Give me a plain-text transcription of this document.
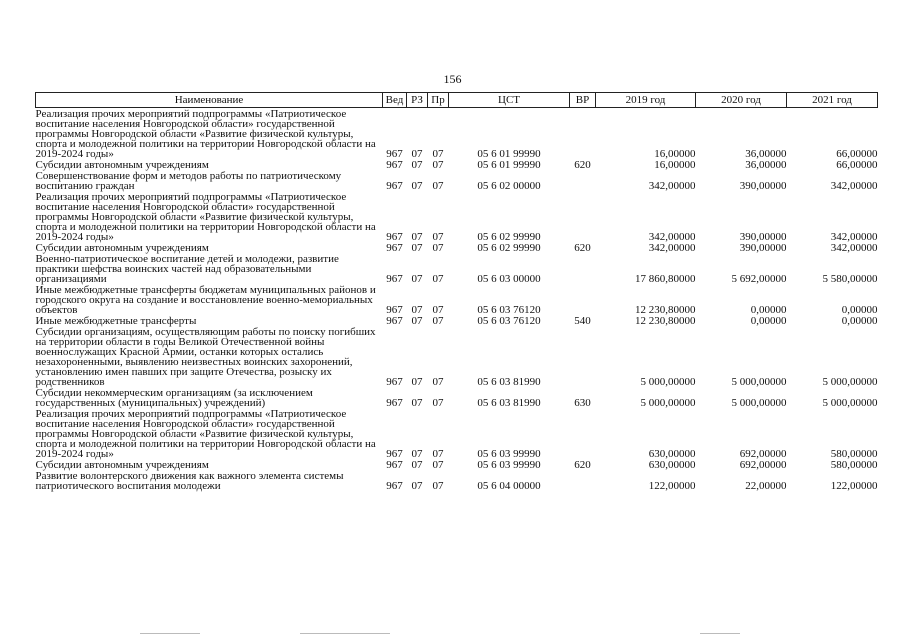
156
Наименование	Вед	РЗ	Пр	ЦСТ	ВР	2019 год	2020 год	2021 год
Реализация прочих мероприятий подпрограммы «Патриотическое воспитание населения Новгородской области» государственной программы Новгородской области «Развитие физической культуры, спорта и молодежной политики на территории Новгородской области на 2019-2024 годы»	967	07	07	05 6 01 99990		16,00000	36,00000	66,00000
Субсидии автономным учреждениям	967	07	07	05 6 01 99990	620	16,00000	36,00000	66,00000
Совершенствование форм и методов работы по патриотическому воспитанию граждан	967	07	07	05 6 02 00000		342,00000	390,00000	342,00000
Реализация прочих мероприятий подпрограммы «Патриотическое воспитание населения Новгородской области» государственной программы Новгородской области «Развитие физической культуры, спорта и молодежной политики на территории Новгородской области на 2019-2024 годы»	967	07	07	05 6 02 99990		342,00000	390,00000	342,00000
Субсидии автономным учреждениям	967	07	07	05 6 02 99990	620	342,00000	390,00000	342,00000
Военно-патриотическое воспитание детей и молодежи, развитие практики шефства воинских частей над образовательными организациями	967	07	07	05 6 03 00000		17 860,80000	5 692,00000	5 580,00000
Иные межбюджетные трансферты бюджетам муниципальных районов и городского округа на создание и восстановление военно-мемориальных объектов	967	07	07	05 6 03 76120		12 230,80000	0,00000	0,00000
Иные межбюджетные трансферты	967	07	07	05 6 03 76120	540	12 230,80000	0,00000	0,00000
Субсидии организациям, осуществляющим работы по поиску погибших на территории области в годы Великой Отечественной войны военнослужащих Красной Армии, останки которых остались незахороненными, выявлению неизвестных воинских захоронений, установлению имен павших при защите Отечества, розыску их родственников	967	07	07	05 6 03 81990		5 000,00000	5 000,00000	5 000,00000
Субсидии некоммерческим организациям (за исключением государственных (муниципальных) учреждений)	967	07	07	05 6 03 81990	630	5 000,00000	5 000,00000	5 000,00000
Реализация прочих мероприятий подпрограммы «Патриотическое воспитание населения Новгородской области» государственной программы Новгородской области «Развитие физической культуры, спорта и молодежной политики на территории Новгородской области на 2019-2024 годы»	967	07	07	05 6 03 99990		630,00000	692,00000	580,00000
Субсидии автономным учреждениям	967	07	07	05 6 03 99990	620	630,00000	692,00000	580,00000
Развитие волонтерского движения как важного элемента системы патриотического воспитания молодежи	967	07	07	05 6 04 00000		122,00000	22,00000	122,00000
